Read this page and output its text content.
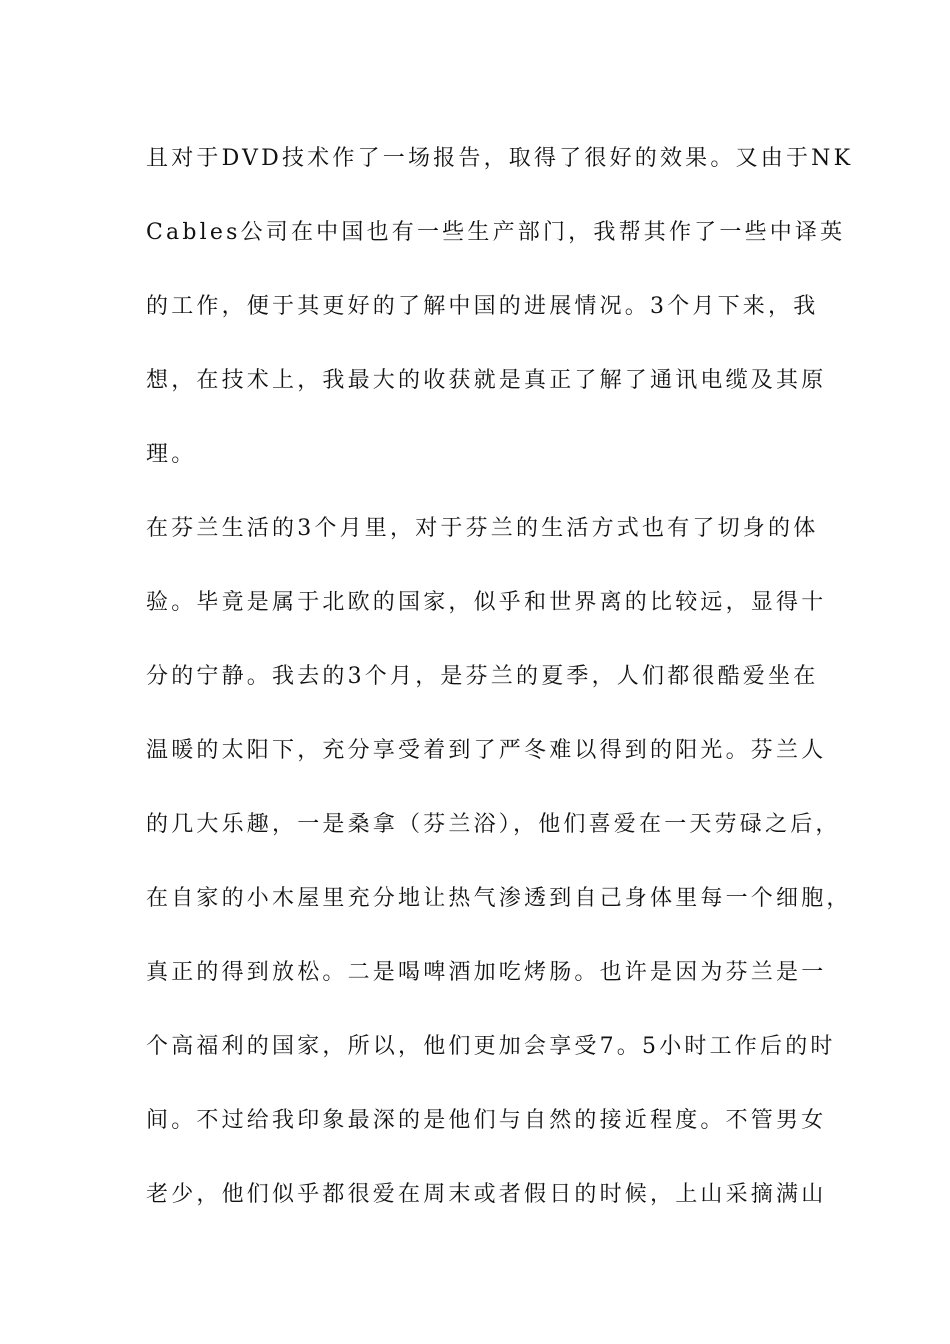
且对于DVD技术作了一场报告，取得了很好的效果。又由于NK
Cables公司在中国也有一些生产部门，我帮其作了一些中译英
的工作，便于其更好的了解中国的进展情况。3个月下来，我
想，在技术上，我最大的收获就是真正了解了通讯电缆及其原
理。
在芬兰生活的3个月里，对于芬兰的生活方式也有了切身的体
验。毕竟是属于北欧的国家，似乎和世界离的比较远，显得十
分的宁静。我去的3个月，是芬兰的夏季，人们都很酷爱坐在
温暖的太阳下，充分享受着到了严冬难以得到的阳光。芬兰人
的几大乐趣，一是桑拿（芬兰浴），他们喜爱在一天劳碌之后，
在自家的小木屋里充分地让热气渗透到自己身体里每一个细胞，
真正的得到放松。二是喝啤酒加吃烤肠。也许是因为芬兰是一
个高福利的国家，所以，他们更加会享受7。5小时工作后的时
间。不过给我印象最深的是他们与自然的接近程度。不管男女
老少，他们似乎都很爱在周末或者假日的时候，上山采摘满山
